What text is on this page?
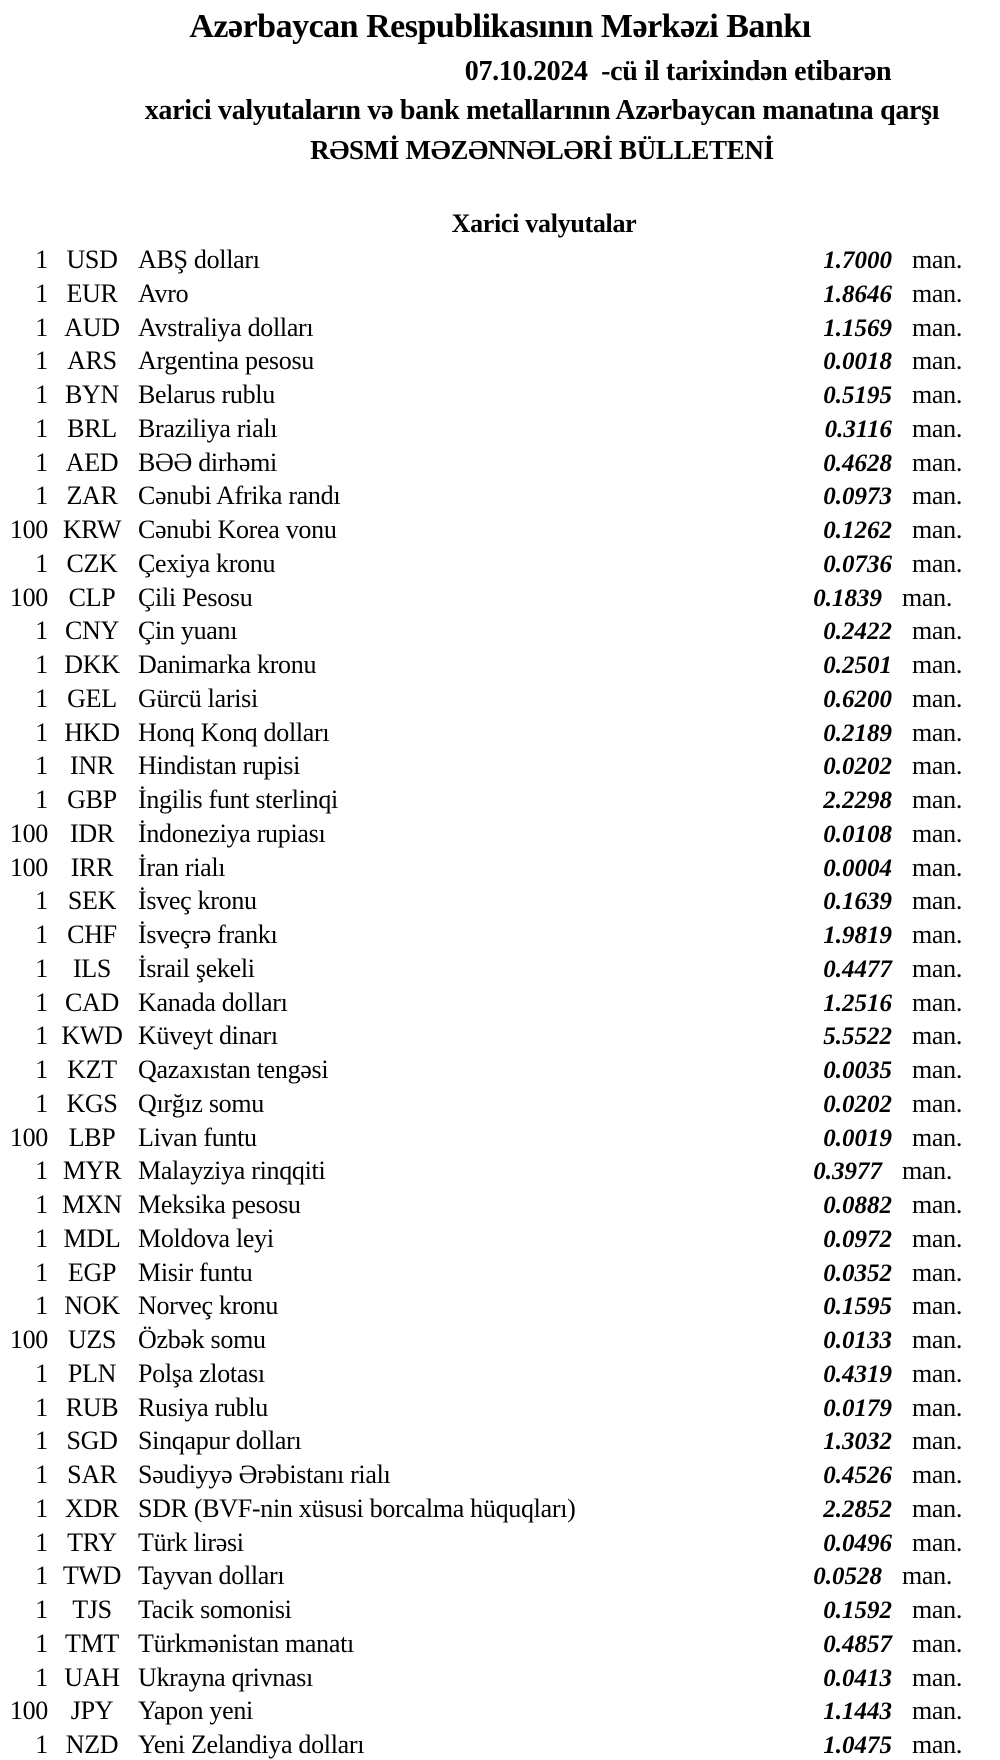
Azərbaycan Respublikasının Mərkəzi Bankı
07.10.2024  -cü il tarixindən etibarən
xarici valyutaların və bank metallarının Azərbaycan manatına qarşı
RƏSMİ MƏZƏNNƏLƏRİ BÜLLETENİ
Xarici valyutalar
1 USD ABŞ dolları	1.7000 man.
1 EUR Avro	1.8646 man.
1 AUD Avstraliya dolları	1.1569 man.
1 ARS Argentina pesosu	0.0018 man.
1 BYN Belarus rublu	0.5195 man.
1 BRL Braziliya rialı	0.3116 man.
1 AED BƏƏ dirhəmi	0.4628 man.
1 ZAR Cənubi Afrika randı	0.0973 man.
100 KRW Cənubi Korea vonu	0.1262 man.
1 CZK Çexiya kronu	0.0736 man.
100 CLP Çili Pesosu	0.1839 man.
1 CNY Çin yuanı	0.2422 man.
1 DKK Danimarka kronu	0.2501 man.
1 GEL Gürcü larisi	0.6200 man.
1 HKD Honq Konq dolları	0.2189 man.
1 INR Hindistan rupisi	0.0202 man.
1 GBP İngilis funt sterlinqi	2.2298 man.
100 IDR İndoneziya rupiası	0.0108 man.
100 IRR İran rialı	0.0004 man.
1 SEK İsveç kronu	0.1639 man.
1 CHF İsveçrə frankı	1.9819 man.
1 ILS	İsrail şekeli	0.4477 man.
1 CAD Kanada dolları	1.2516 man.
1 KWD Küveyt dinarı	5.5522 man.
1 KZT Qazaxıstan tengəsi	0.0035 man.
1 KGS Qırğız somu	0.0202 man.
100 LBP Livan funtu	0.0019 man.
1 MYR Malayziya rinqqiti	0.3977 man.
1 MXN Meksika pesosu	0.0882 man.
1 MDL Moldova leyi	0.0972 man.
1 EGP Misir funtu	0.0352 man.
1 NOK Norveç kronu	0.1595 man.
100 UZS Özbək somu	0.0133 man.
1 PLN Polşa zlotası	0.4319 man.
1 RUB Rusiya rublu	0.0179 man.
1 SGD Sinqapur dolları	1.3032 man.
1 SAR Səudiyyə Ərəbistanı rialı	0.4526 man.
1 XDR SDR (BVF-nin xüsusi borcalma hüquqları)	2.2852 man.
1 TRY Türk lirəsi	0.0496 man.
1 TWD Tayvan dolları	0.0528 man.
1 TJS	Tacik somonisi	0.1592 man.
1 TMT Türkmənistan manatı	0.4857 man.
1 UAH Ukrayna qrivnası	0.0413 man.
100 JPY Yapon yeni	1.1443 man.
1 NZD Yeni Zelandiya dolları	1.0475 man.
